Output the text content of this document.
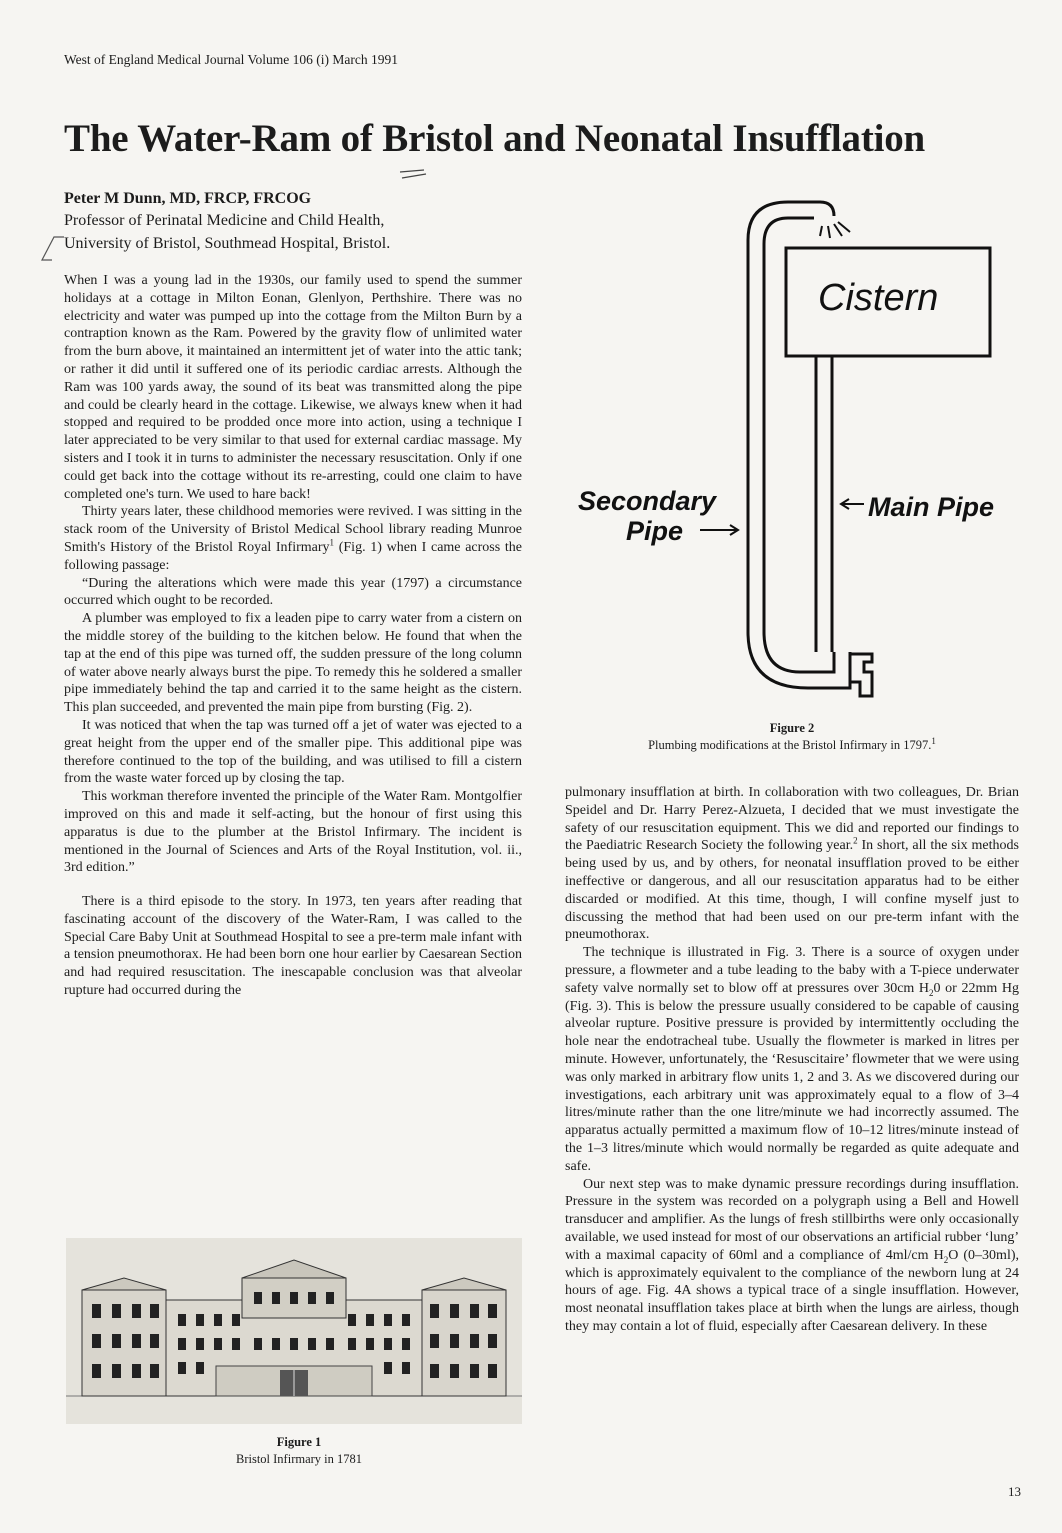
West of England Medical Journal Volume 106 (i) March 1991
The Water-Ram of Bristol and Neonatal Insufflation
Peter M Dunn, MD, FRCP, FRCOG
Professor of Perinatal Medicine and Child Health,
University of Bristol, Southmead Hospital, Bristol.

When I was a young lad in the 1930s, our family used to spend the summer holidays at a cottage in Milton Eonan, Glenlyon, Perthshire. There was no electricity and water was pumped up into the cottage from the Milton Burn by a contraption known as the Ram. Powered by the gravity flow of unlimited water from the burn above, it maintained an intermittent jet of water into the attic tank; or rather it did until it suffered one of its periodic cardiac arrests. Although the Ram was 100 yards away, the sound of its beat was transmitted along the pipe and could be clearly heard in the cottage. Likewise, we always knew when it had stopped and required to be prodded once more into action, using a technique I later appreciated to be very similar to that used for external cardiac massage. My sisters and I took it in turns to administer the necessary resuscitation. Only if one could get back into the cottage without its re-arresting, could one claim to have completed one's turn. We used to hare back!

Thirty years later, these childhood memories were revived. I was sitting in the stack room of the University of Bristol Medical School library reading Munroe Smith's History of the Bristol Royal Infirmary$^1$ (Fig. 1) when I came across the following passage:

“During the alterations which were made this year (1797) a circumstance occurred which ought to be recorded.

A plumber was employed to fix a leaden pipe to carry water from a cistern on the middle storey of the building to the kitchen below. He found that when the tap at the end of this pipe was turned off, the sudden pressure of the long column of water above nearly always burst the pipe. To remedy this he soldered a smaller pipe immediately behind the tap and carried it to the same height as the cistern. This plan succeeded, and prevented the main pipe from bursting (Fig. 2).

It was noticed that when the tap was turned off a jet of water was ejected to a great height from the upper end of the smaller pipe. This additional pipe was therefore continued to the top of the building, and was utilised to fill a cistern from the waste water forced up by closing the tap.

This workman therefore invented the principle of the Water Ram. Montgolfier improved on this and made it self-acting, but the honour of first using this apparatus is due to the plumber at the Bristol Infirmary. The incident is mentioned in the Journal of Sciences and Arts of the Royal Institution, vol. ii., 3rd edition.”

There is a third episode to the story. In 1973, ten years after reading that fascinating account of the discovery of the Water-Ram, I was called to the Special Care Baby Unit at Southmead Hospital to see a pre-term male infant with a tension pneumothorax. He had been born one hour earlier by Caesarean Section and had required resuscitation. The inescapable conclusion was that alveolar rupture had occurred during the

Figure 1
Bristol Infirmary in 1781
Cistern
Secondary
Pipe
Main Pipe
Figure 2
Plumbing modifications at the Bristol Infirmary in 1797.$^1$

pulmonary insufflation at birth. In collaboration with two colleagues, Dr. Brian Speidel and Dr. Harry Perez-Alzueta, I decided that we must investigate the safety of our resuscitation equipment. This we did and reported our findings to the Paediatric Research Society the following year.$^2$ In short, all the six methods being used by us, and by others, for neonatal insufflation proved to be either ineffective or dangerous, and all our resuscitation apparatus had to be either discarded or modified. At this time, though, I will confine myself just to discussing the method that had been used on our pre-term infant with the pneumothorax.

The technique is illustrated in Fig. 3. There is a source of oxygen under pressure, a flowmeter and a tube leading to the baby with a T-piece underwater safety valve normally set to blow off at pressures over 30cm $H_20$ or 22mm Hg (Fig. 3). This is below the pressure usually considered to be capable of causing alveolar rupture. Positive pressure is provided by intermittently occluding the hole near the endotracheal tube. Usually the flowmeter is marked in litres per minute. However, unfortunately, the ‘Resuscitaire’ flowmeter that we were using was only marked in arbitrary flow units 1, 2 and 3. As we discovered during our investigations, each arbitrary unit was approximately equal to a flow of 3–4 litres/minute rather than the one litre/minute we had incorrectly assumed. The apparatus actually permitted a maximum flow of 10–12 litres/minute instead of the 1–3 litres/minute which would normally be regarded as quite adequate and safe.

Our next step was to make dynamic pressure recordings during insufflation. Pressure in the system was recorded on a polygraph using a Bell and Howell transducer and amplifier. As the lungs of fresh stillbirths were only occasionally available, we used instead for most of our observations an artificial rubber ‘lung’ with a maximal capacity of 60ml and a compliance of 4ml/cm $H_2O$ (0–30ml), which is approximately equivalent to the compliance of the newborn lung at 24 hours of age. Fig. 4A shows a typical trace of a single insufflation. However, most neonatal insufflation takes place at birth when the lungs are airless, though they may contain a lot of fluid, especially after Caesarean delivery. In these

13
